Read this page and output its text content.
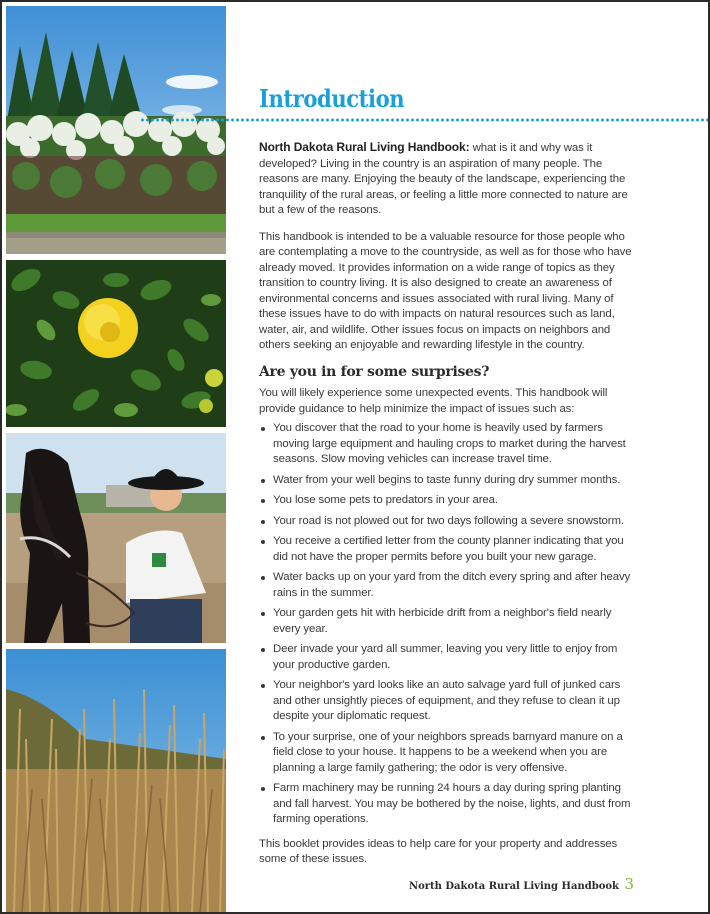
Introduction

North Dakota Rural Living Handbook: what is it and why was it developed? Living in the country is an aspiration of many people. The reasons are many. Enjoying the beauty of the landscape, experiencing the tranquility of the rural areas, or feeling a little more connected to nature are but a few of the reasons.

This handbook is intended to be a valuable resource for those people who are contemplating a move to the countryside, as well as for those who have already moved. It provides information on a wide range of topics as they transition to country living. It is also designed to create an awareness of environmental concerns and issues associated with rural living. Many of these issues have to do with impacts on natural resources such as land, water, air, and wildlife. Other issues focus on impacts on neighbors and others seeking an enjoyable and rewarding lifestyle in the country.

Are you in for some surprises?

You will likely experience some unexpected events. This handbook will provide guidance to help minimize the impact of issues such as:

You discover that the road to your home is heavily used by farmers moving large equipment and hauling crops to market during the harvest seasons. Slow moving vehicles can increase travel time.
Water from your well begins to taste funny during dry summer months.
You lose some pets to predators in your area.
Your road is not plowed out for two days following a severe snowstorm.
You receive a certified letter from the county planner indicating that you did not have the proper permits before you built your new garage.
Water backs up on your yard from the ditch every spring and after heavy rains in the summer.
Your garden gets hit with herbicide drift from a neighbor's field nearly every year.
Deer invade your yard all summer, leaving you very little to enjoy from your productive garden.
Your neighbor's yard looks like an auto salvage yard full of junked cars and other unsightly pieces of equipment, and they refuse to clean it up despite your diplomatic request.
To your surprise, one of your neighbors spreads barnyard manure on a field close to your house. It happens to be a weekend when you are planning a large family gathering; the odor is very offensive.
Farm machinery may be running 24 hours a day during spring planting and fall harvest. You may be bothered by the noise, lights, and dust from farming operations.

This booklet provides ideas to help care for your property and addresses some of these issues.

North Dakota Rural Living Handbook 3
